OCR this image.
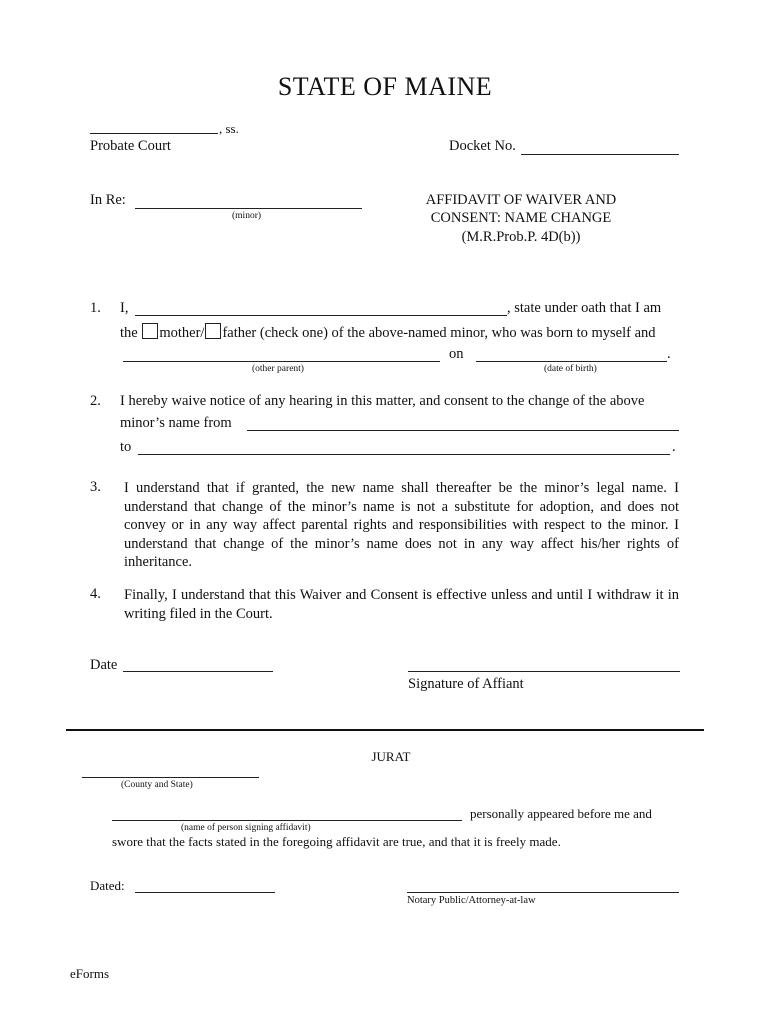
STATE OF MAINE
, ss.
Probate Court	Docket No.
In Re:
(minor)
AFFIDAVIT OF WAIVER AND
CONSENT: NAME CHANGE
(M.R.Prob.P. 4D(b))
1. I,	, state under oath that I am
the mother/ father (check one) of the above-named minor, who was born to myself and
on	.
(other parent)	(date of birth)
2. I hereby waive notice of any hearing in this matter, and consent to the change of the above
minor’s name from
to	.
3. I understand that if granted, the new name shall thereafter be the minor’s legal name. I understand that change of the minor’s name is not a substitute for adoption, and does not convey or in any way affect parental rights and responsibilities with respect to the minor. I understand that change of the minor’s name does not in any way affect his/her rights of inheritance.
4. Finally, I understand that this Waiver and Consent is effective unless and until I withdraw it in writing filed in the Court.
Date
Signature of Affiant
JURAT
(County and State)
personally appeared before me and
(name of person signing affidavit)
swore that the facts stated in the foregoing affidavit are true, and that it is freely made.
Dated:
Notary Public/Attorney-at-law
eForms
